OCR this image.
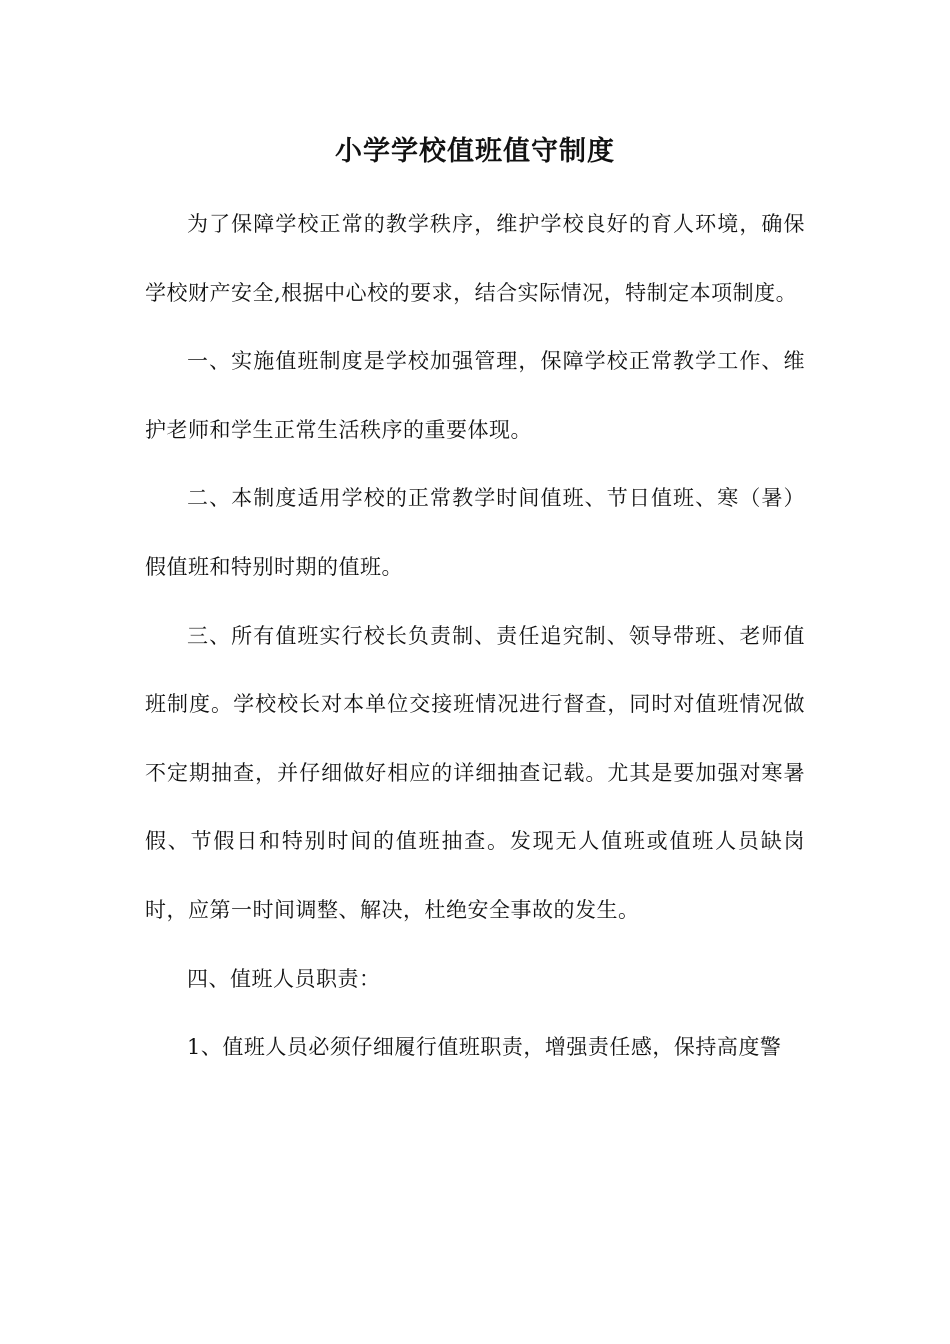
小学学校值班值守制度

为了保障学校正常的教学秩序，维护学校良好的育人环境，确保学校财产安全,根据中心校的要求，结合实际情况，特制定本项制度。

一、实施值班制度是学校加强管理，保障学校正常教学工作、维护老师和学生正常生活秩序的重要体现。

二、本制度适用学校的正常教学时间值班、节日值班、寒（暑）假值班和特别时期的值班。

三、所有值班实行校长负责制、责任追究制、领导带班、老师值班制度。学校校长对本单位交接班情况进行督查，同时对值班情况做不定期抽查，并仔细做好相应的详细抽查记载。尤其是要加强对寒暑假、节假日和特别时间的值班抽查。发现无人值班或值班人员缺岗时，应第一时间调整、解决，杜绝安全事故的发生。

四、值班人员职责：

1、值班人员必须仔细履行值班职责，增强责任感，保持高度警
